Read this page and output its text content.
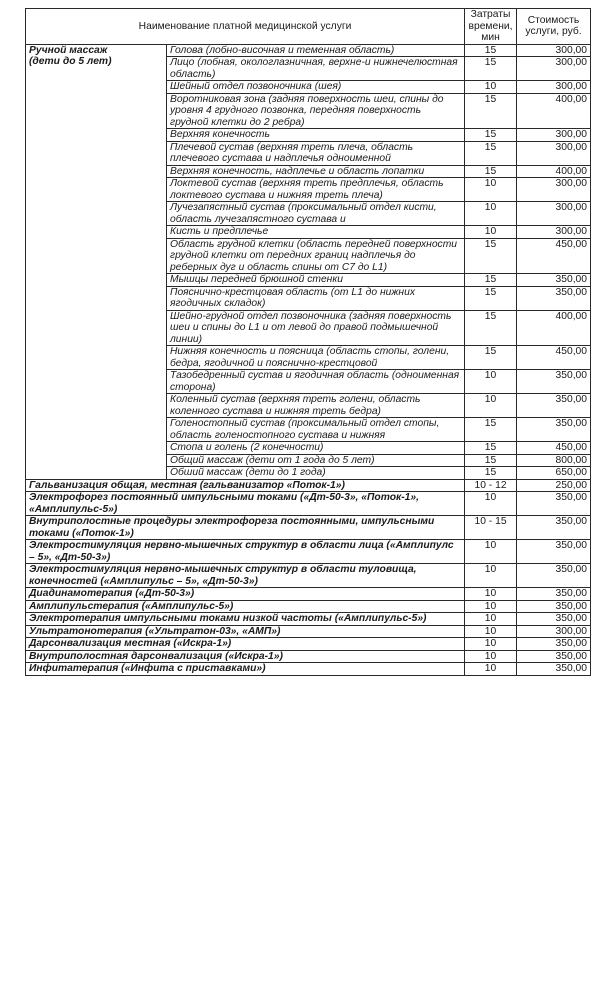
Наименование платной медицинской услуги		Затраты времени, мин	Стоимость услуги, руб.

Ручной массаж
(дети до 5 лет)	Голова (лобно-височная и теменная область)	15	300,00
	Лицо (лобная, окологлазничная, верхне-и нижнечелюстная область)	15	300,00
	Шейный отдел позвоночника (шея)	10	300,00
	Воротниковая зона (задняя поверхность шеи, спины до уровня 4 грудного позвонка, передняя поверхность грудной клетки до 2 ребра)	15	400,00
	Верхняя конечность	15	300,00
	Плечевой сустав (верхняя треть плеча, область плечевого сустава и надплечья одноименной	15	300,00
	Верхняя конечность, надплечье и область лопатки	15	400,00
	Локтевой сустав (верхняя треть предплечья, область локтевого сустава и нижняя треть плеча)	10	300,00
	Лучезапястный сустав (проксимальный отдел кисти, область лучезапястного сустава и	10	300,00
	Кисть и предплечье	10	300,00
	Область грудной клетки (область передней поверхности грудной клетки от передних границ надплечья до реберных дуг и область спины от С7 до L1)	15	450,00
	Мышцы передней брюшной стенки	15	350,00
	Пояснично-крестцовая область (от L1 до нижних ягодичных складок)	15	350,00
	Шейно-грудной отдел позвоночника (задняя поверхность шеи и спины до L1 и от левой до правой подмышечной линии)	15	400,00
	Нижняя конечность и поясница (область стопы, голени, бедра, ягодичной и пояснично-крестцовой	15	450,00
	Тазобедренный сустав и ягодичная область (одноименная сторона)	10	350,00
	Коленный сустав (верхняя треть голени, область коленного сустава и нижняя треть бедра)	10	350,00
	Голеностопный сустав (проксимальный отдел стопы, область голеностопного сустава и нижняя	15	350,00
	Стопа и голень (2 конечности)	15	450,00
	Общий массаж (дети от 1 года до 5 лет)	15	800,00
	Обший массаж (дети до 1 года)	15	650,00
Гальванизация общая, местная (гальванизатор «Поток-1»)		10 - 12	250,00
Электрофорез постоянный импульсными токами («Дт-50-3», «Поток-1», «Амплипульс-5»)		10	350,00
Внутриполостные процедуры электрофореза постоянными, импульсными токами («Поток-1»)		10 - 15	350,00
Электростимуляция нервно-мышечных структур в области лица («Амплипулс – 5», «Дт-50-3»)		10	350,00
Электростимуляция нервно-мышечных структур в области туловища, конечностей («Амплипульс – 5», «Дт-50-3»)		10	350,00
Диадинамотерапия («Дт-50-3»)		10	350,00
Амплипульстерапия («Амплипульс-5»)		10	350,00
Электротерапия импульсными токами низкой частоты («Амплипульс-5»)		10	350,00
Ультратонотерапия («Ультратон-03», «АМП»)		10	300,00
Дарсонвализация местная («Искра-1»)		10	350,00
Внутриполостная дарсонвализация («Искра-1»)		10	350,00
Инфитатерапия («Инфита с приставками»)		10	350,00
